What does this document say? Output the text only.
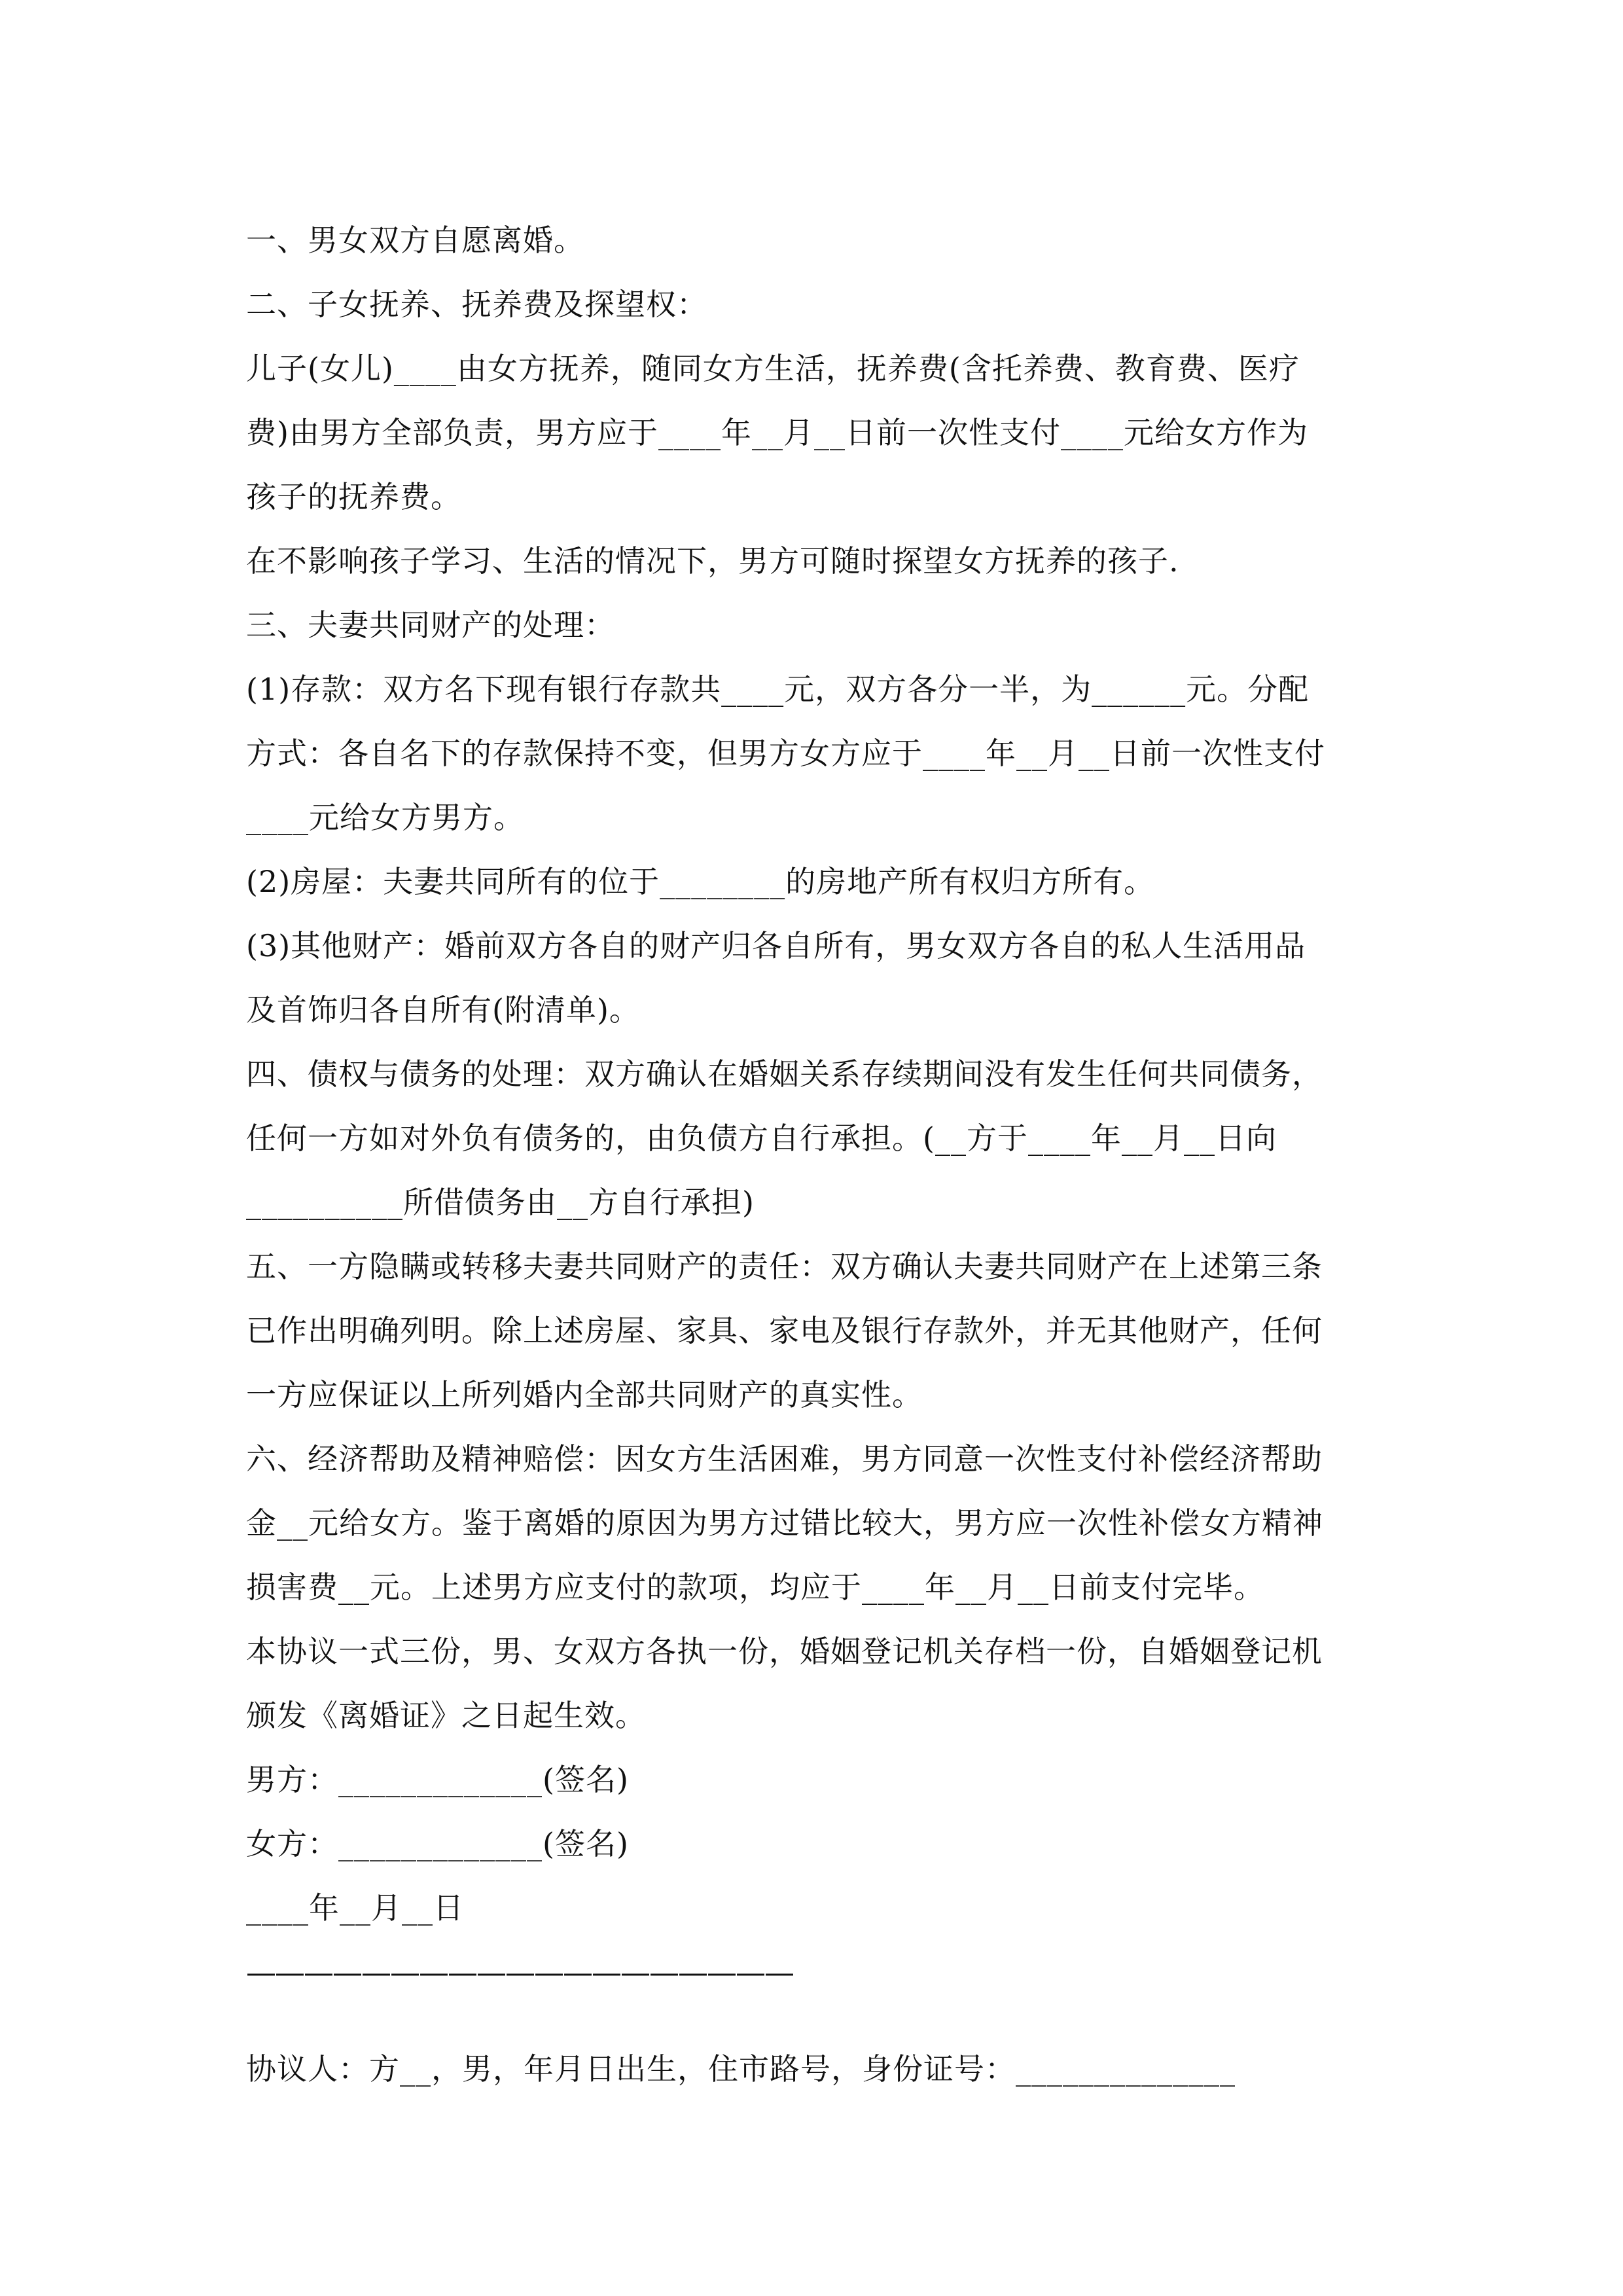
一、男女双方自愿离婚。
二、子女抚养、抚养费及探望权：
儿子(女儿)____由女方抚养，随同女方生活，抚养费(含托养费、教育费、医疗
费)由男方全部负责，男方应于____年__月__日前一次性支付____元给女方作为
孩子的抚养费。
在不影响孩子学习、生活的情况下，男方可随时探望女方抚养的孩子.
三、夫妻共同财产的处理：
(1)存款：双方名下现有银行存款共____元，双方各分一半，为______元。分配
方式：各自名下的存款保持不变，但男方女方应于____年__月__日前一次性支付
____元给女方男方。
(2)房屋：夫妻共同所有的位于________的房地产所有权归方所有。
(3)其他财产：婚前双方各自的财产归各自所有，男女双方各自的私人生活用品
及首饰归各自所有(附清单)。
四、债权与债务的处理：双方确认在婚姻关系存续期间没有发生任何共同债务，
任何一方如对外负有债务的，由负债方自行承担。(__方于____年__月__日向
__________所借债务由__方自行承担)
五、一方隐瞒或转移夫妻共同财产的责任：双方确认夫妻共同财产在上述第三条
已作出明确列明。除上述房屋、家具、家电及银行存款外，并无其他财产，任何
一方应保证以上所列婚内全部共同财产的真实性。
六、经济帮助及精神赔偿：因女方生活困难，男方同意一次性支付补偿经济帮助
金__元给女方。鉴于离婚的原因为男方过错比较大，男方应一次性补偿女方精神
损害费__元。上述男方应支付的款项，均应于____年__月__日前支付完毕。
本协议一式三份，男、女双方各执一份，婚姻登记机关存档一份，自婚姻登记机
颁发《离婚证》之日起生效。
男方：_____________(签名)
女方：_____________(签名)
____年__月__日
———————————————————
协议人：方__，男，年月日出生，住市路号，身份证号：______________
